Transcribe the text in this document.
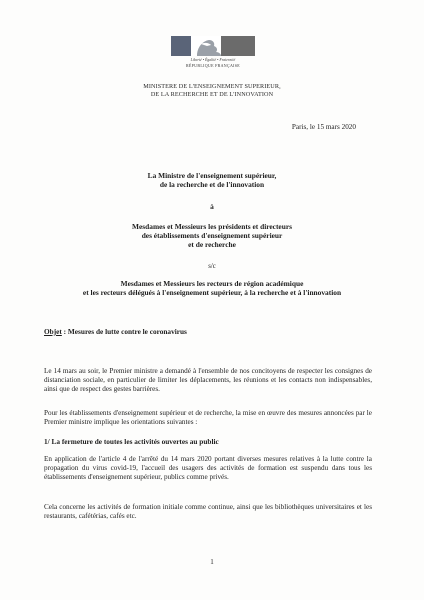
Liberté • Égalité • Fraternité
RÉPUBLIQUE FRANÇAISE
MINISTERE DE L'ENSEIGNEMENT SUPERIEUR,
DE LA RECHERCHE ET DE L'INNOVATION
Paris, le 15 mars 2020
La Ministre de l'enseignement supérieur,
de la recherche et de l'innovation
à
Mesdames et Messieurs les présidents et directeurs
des établissements d'enseignement supérieur
et de recherche
s/c
Mesdames et Messieurs les recteurs de région académique
et les recteurs délégués à l'enseignement supérieur, à la recherche et à l'innovation
Objet : Mesures de lutte contre le coronavirus
Le 14 mars au soir, le Premier ministre a demandé à l'ensemble de nos concitoyens de respecter les consignes de distanciation sociale, en particulier de limiter les déplacements, les réunions et les contacts non indispensables, ainsi que de respect des gestes barrières.
Pour les établissements d'enseignement supérieur et de recherche, la mise en œuvre des mesures annoncées par le Premier ministre implique les orientations suivantes :
1/ La fermeture de toutes les activités ouvertes au public
En application de l'article 4 de l'arrêté du 14 mars 2020 portant diverses mesures relatives à la lutte contre la propagation du virus covid-19, l'accueil des usagers des activités de formation est suspendu dans tous les établissements d'enseignement supérieur, publics comme privés.
Cela concerne les activités de formation initiale comme continue, ainsi que les bibliothèques universitaires et les restaurants, cafétérias, cafés etc.
1
